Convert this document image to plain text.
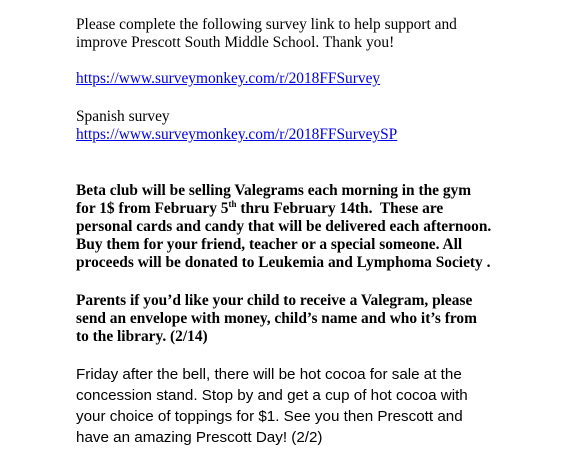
Please complete the following survey link to help support and

improve Prescott South Middle School. Thank you!

https://www.surveymonkey.com/r/2018FFSurvey

Spanish survey

https://www.surveymonkey.com/r/2018FFSurveySP

Beta club will be selling Valegrams each morning in the gym

for 1$ from February 5th thru February 14th.  These are

personal cards and candy that will be delivered each afternoon.

Buy them for your friend, teacher or a special someone. All

proceeds will be donated to Leukemia and Lymphoma Society .

Parents if you’d like your child to receive a Valegram, please

send an envelope with money, child’s name and who it’s from

to the library. (2/14)

Friday after the bell, there will be hot cocoa for sale at the

concession stand. Stop by and get a cup of hot cocoa with

your choice of toppings for $1. See you then Prescott and

have an amazing Prescott Day! (2/2)
